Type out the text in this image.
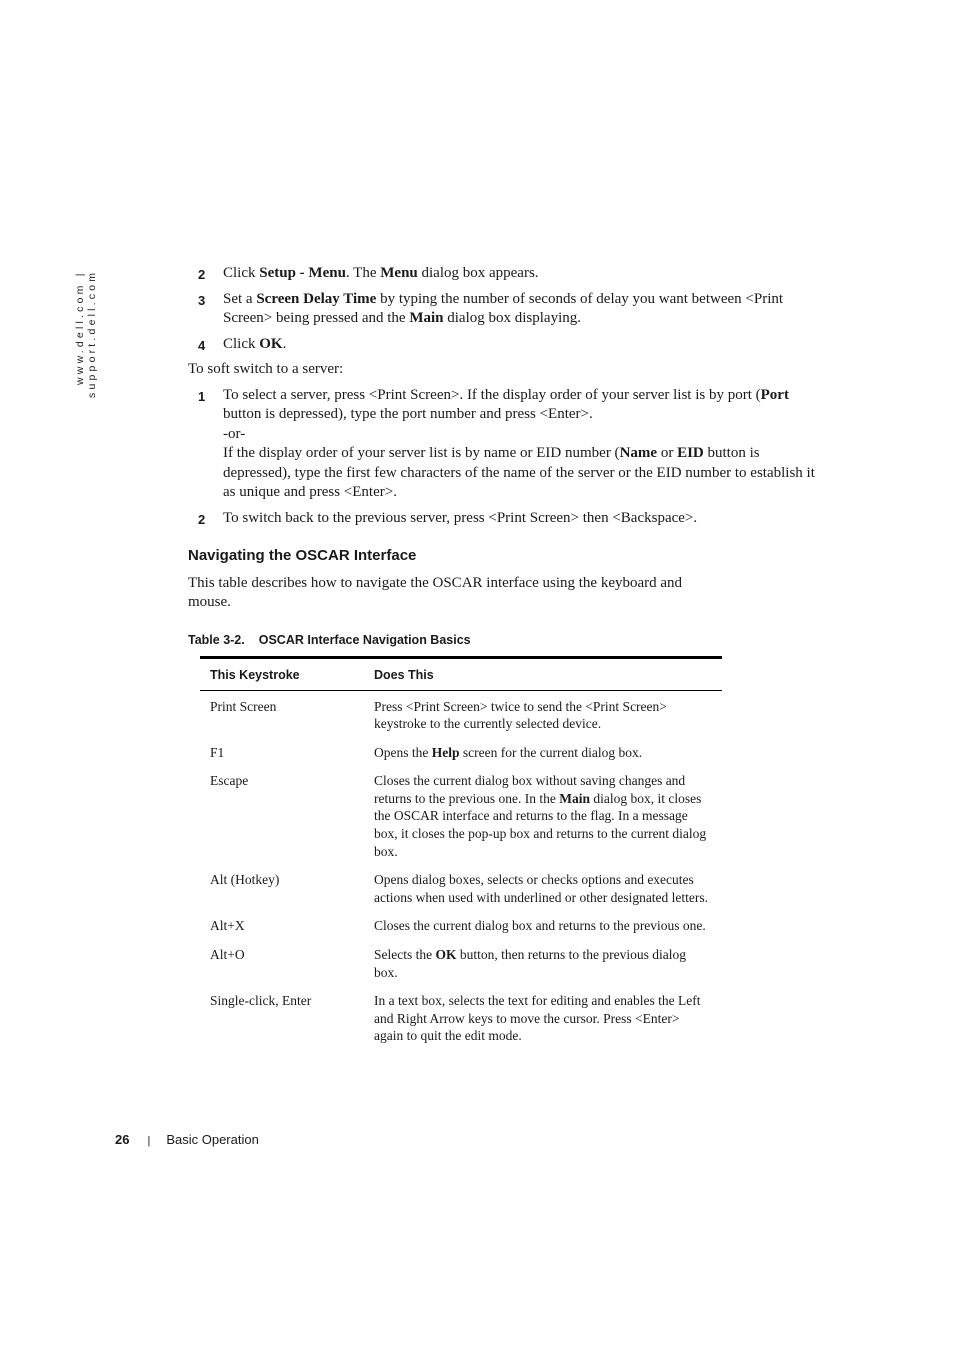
www.dell.com | support.dell.com	2 Click Setup - Menu. The Menu dialog box appears.
3 Set a Screen Delay Time by typing the number of seconds of delay you want between <Print Screen> being pressed and the Main dialog box displaying.
4 Click OK.

To soft switch to a server:

1 To select a server, press <Print Screen>. If the display order of your server list is by port (Port button is depressed), type the port number and press <Enter>.
-or-
If the display order of your server list is by name or EID number (Name or EID button is depressed), type the first few characters of the name of the server or the EID number to establish it as unique and press <Enter>.
2 To switch back to the previous server, press <Print Screen> then <Backspace>.
Navigating the OSCAR Interface

This table describes how to navigate the OSCAR interface using the keyboard and mouse.

Table 3-2. OSCAR Interface Navigation Basics
This Keystroke	Does This
Print Screen	Press <Print Screen> twice to send the <Print Screen> keystroke to the currently selected device.
F1	Opens the Help screen for the current dialog box.
Escape	Closes the current dialog box without saving changes and returns to the previous one. In the Main dialog box, it closes the OSCAR interface and returns to the flag. In a message box, it closes the pop-up box and returns to the current dialog box.
Alt (Hotkey)	Opens dialog boxes, selects or checks options and executes actions when used with underlined or other designated letters.
Alt+X	Closes the current dialog box and returns to the previous one.
Alt+O	Selects the OK button, then returns to the previous dialog box.
Single-click, Enter	In a text box, selects the text for editing and enables the Left and Right Arrow keys to move the cursor. Press <Enter> again to quit the edit mode.
26 | Basic Operation
